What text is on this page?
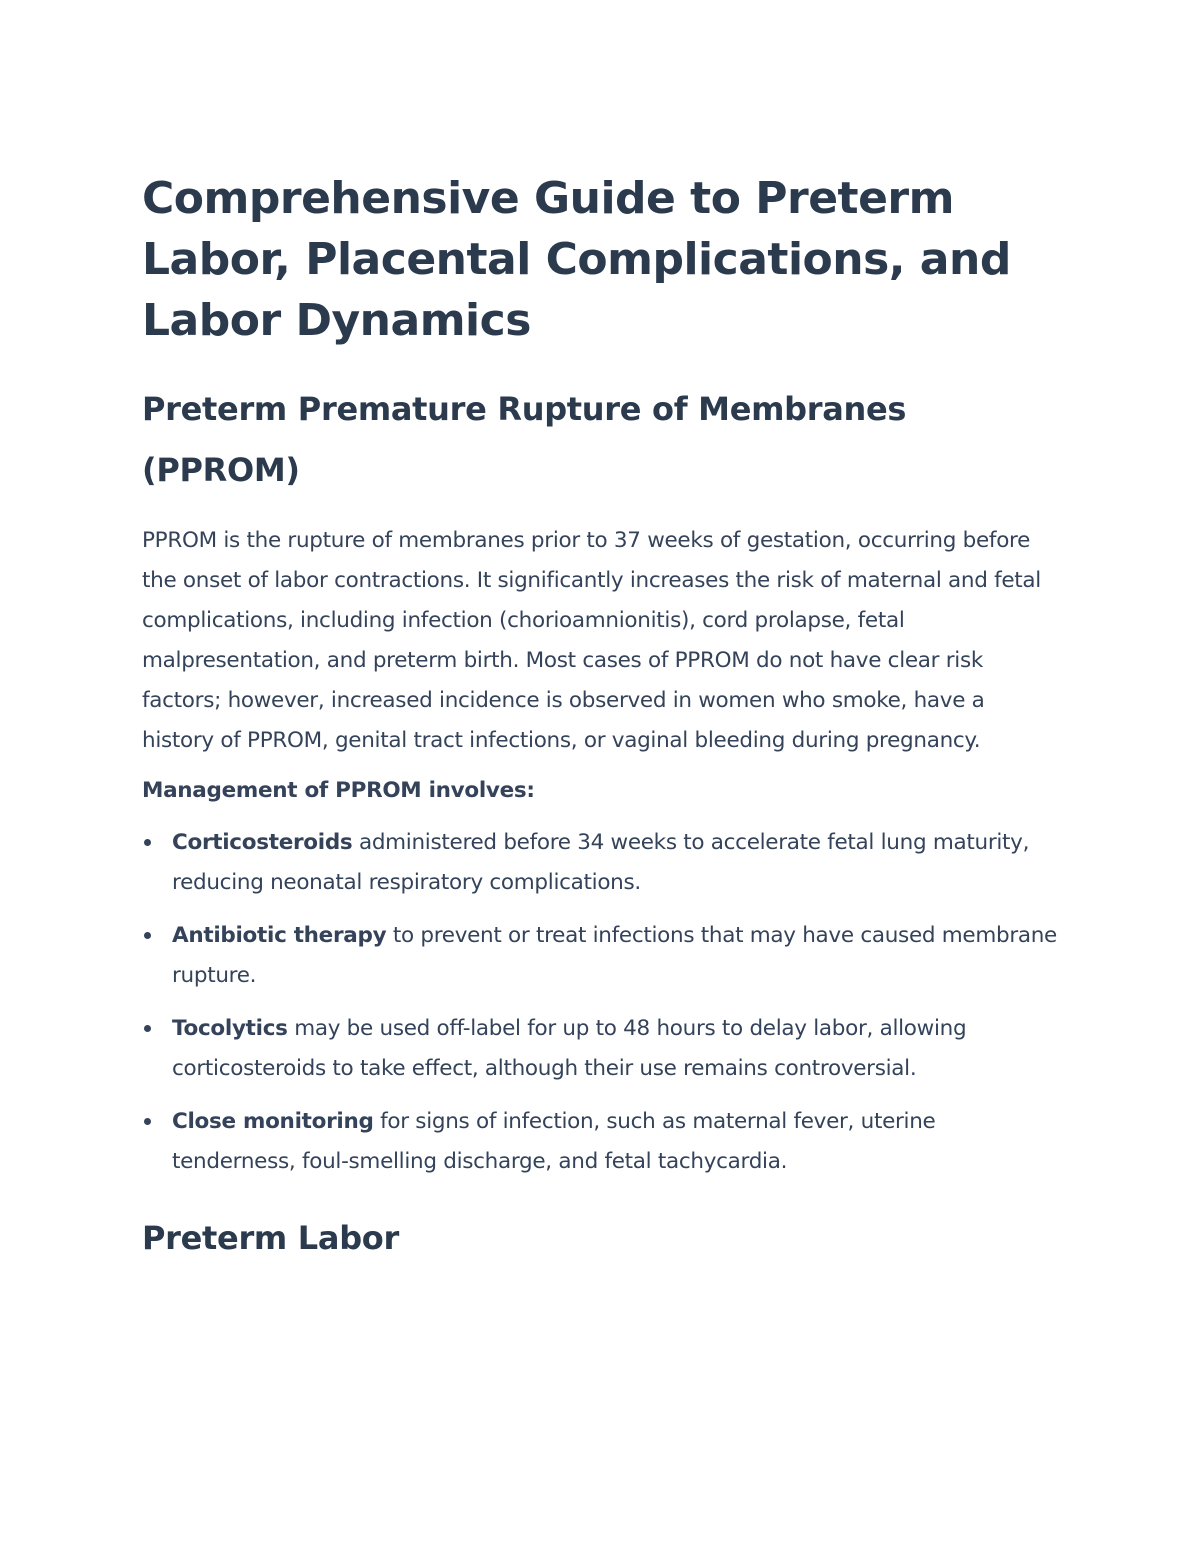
Comprehensive Guide to Preterm Labor, Placental Complications, and Labor Dynamics
Preterm Premature Rupture of Membranes (PPROM)

PPROM is the rupture of membranes prior to 37 weeks of gestation, occurring before the onset of labor contractions. It significantly increases the risk of maternal and fetal complications, including infection (chorioamnionitis), cord prolapse, fetal malpresentation, and preterm birth. Most cases of PPROM do not have clear risk factors; however, increased incidence is observed in women who smoke, have a history of PPROM, genital tract infections, or vaginal bleeding during pregnancy.

Management of PPROM involves:

Corticosteroids administered before 34 weeks to accelerate fetal lung maturity, reducing neonatal respiratory complications.
Antibiotic therapy to prevent or treat infections that may have caused membrane rupture.
Tocolytics may be used off-label for up to 48 hours to delay labor, allowing corticosteroids to take effect, although their use remains controversial.
Close monitoring for signs of infection, such as maternal fever, uterine tenderness, foul-smelling discharge, and fetal tachycardia.
Preterm Labor
